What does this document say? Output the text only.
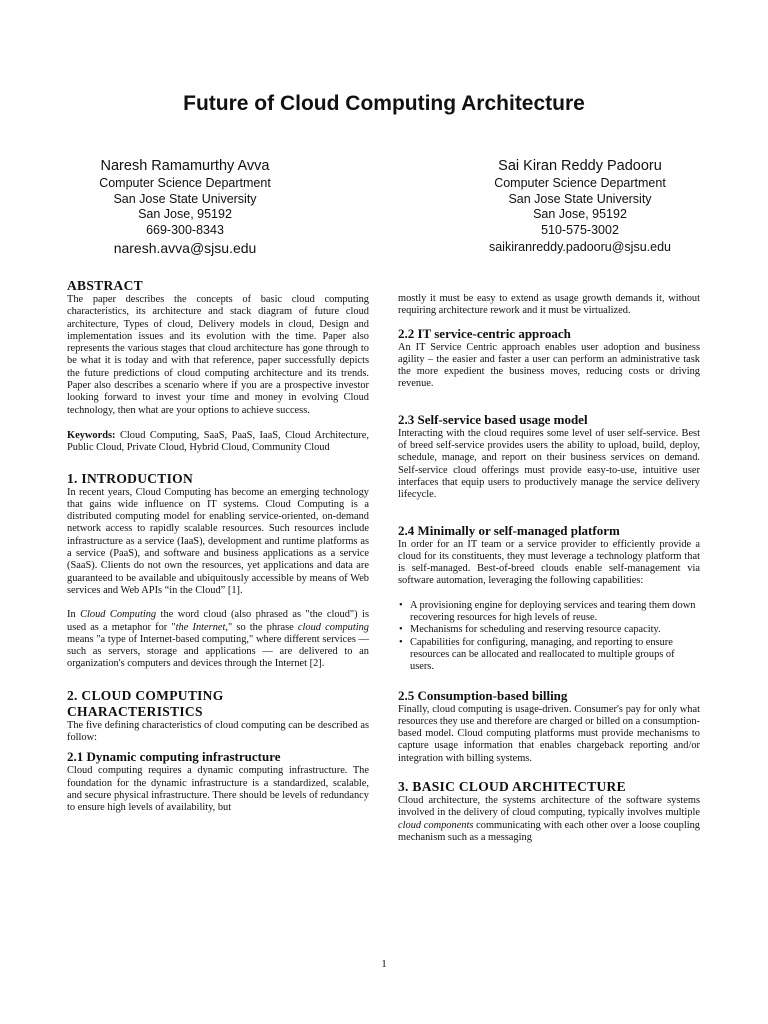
Future of Cloud Computing Architecture
Naresh Ramamurthy Avva
Computer Science Department
San Jose State University
San Jose, 95192
669-300-8343
naresh.avva@sjsu.edu
Sai Kiran Reddy Padooru
Computer Science Department
San Jose State University
San Jose, 95192
510-575-3002
saikiranreddy.padooru@sjsu.edu
ABSTRACT

The paper describes the concepts of basic cloud computing characteristics, its architecture and stack diagram of future cloud architecture, Types of cloud, Delivery models in cloud, Design and implementation issues and its evolution with the time. Paper also represents the various stages that cloud architecture has gone through to be what it is today and with that reference, paper successfully depicts the future predictions of cloud computing architecture and its trends. Paper also describes a scenario where if you are a prospective investor looking forward to invest your time and money in evolving Cloud technology, then what are your options to achieve success.

Keywords: Cloud Computing, SaaS, PaaS, IaaS, Cloud Architecture, Public Cloud, Private Cloud, Hybrid Cloud, Community Cloud

1. INTRODUCTION

In recent years, Cloud Computing has become an emerging technology that gains wide influence on IT systems. Cloud Computing is a distributed computing model for enabling service-oriented, on-demand network access to rapidly scalable resources. Such resources include infrastructure as a service (IaaS), development and runtime platforms as a service (PaaS), and software and business applications as a service (SaaS). Clients do not own the resources, yet applications and data are guaranteed to be available and ubiquitously accessible by means of Web services and Web APIs “in the Cloud” [1].

In Cloud Computing the word cloud (also phrased as "the cloud") is used as a metaphor for "the Internet," so the phrase cloud computing means "a type of Internet-based computing," where different services — such as servers, storage and applications — are delivered to an organization's computers and devices through the Internet [2].

2. CLOUD COMPUTING
CHARACTERISTICS

The five defining characteristics of cloud computing can be described as follow:

2.1 Dynamic computing infrastructure

Cloud computing requires a dynamic computing infrastructure. The foundation for the dynamic infrastructure is a standardized, scalable, and secure physical infrastructure. There should be levels of redundancy to ensure high levels of availability, but

mostly it must be easy to extend as usage growth demands it, without requiring architecture rework and it must be virtualized.

2.2 IT service-centric approach

An IT Service Centric approach enables user adoption and business agility – the easier and faster a user can perform an administrative task the more expedient the business moves, reducing costs or driving revenue.

2.3 Self-service based usage model

Interacting with the cloud requires some level of user self-service. Best of breed self-service provides users the ability to upload, build, deploy, schedule, manage, and report on their business services on demand. Self-service cloud offerings must provide easy-to-use, intuitive user interfaces that equip users to productively manage the service delivery lifecycle.

2.4 Minimally or self-managed platform

In order for an IT team or a service provider to efficiently provide a cloud for its constituents, they must leverage a technology platform that is self-managed. Best-of-breed clouds enable self-management via software automation, leveraging the following capabilities:

• A provisioning engine for deploying services and tearing them down recovering resources for high levels of reuse.
• Mechanisms for scheduling and reserving resource capacity.
• Capabilities for configuring, managing, and reporting to ensure resources can be allocated and reallocated to multiple groups of users.
2.5 Consumption-based billing

Finally, cloud computing is usage-driven. Consumer's pay for only what resources they use and therefore are charged or billed on a consumption-based model. Cloud computing platforms must provide mechanisms to capture usage information that enables chargeback reporting and/or integration with billing systems.

3. BASIC CLOUD ARCHITECTURE

Cloud architecture, the systems architecture of the software systems involved in the delivery of cloud computing, typically involves multiple cloud components communicating with each other over a loose coupling mechanism such as a messaging

1
